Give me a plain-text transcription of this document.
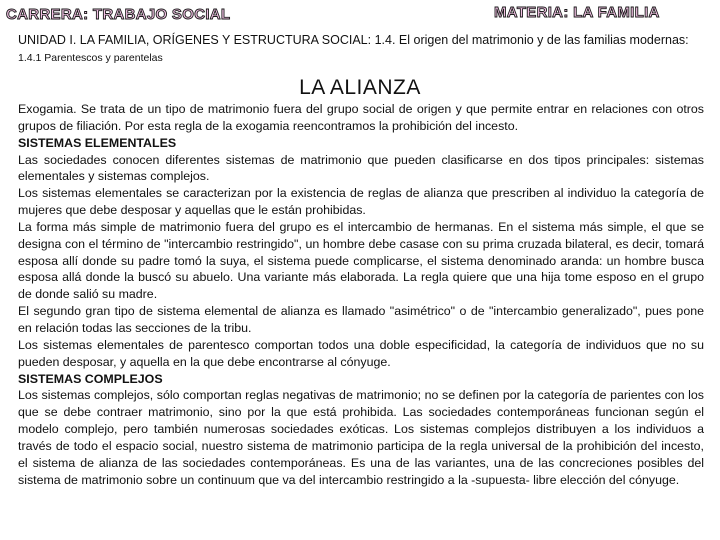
CARRERA: TRABAJO SOCIAL	MATERIA: LA FAMILIA
UNIDAD I. LA FAMILIA, ORÍGENES Y ESTRUCTURA SOCIAL: 1.4. El origen del matrimonio y de las familias modernas: 1.4.1 Parentescos y parentelas
LA ALIANZA

Exogamia. Se trata de un tipo de matrimonio fuera del grupo social de origen y que permite entrar en relaciones con otros grupos de filiación. Por esta regla de la exogamia reencontramos la prohibición del incesto.

SISTEMAS ELEMENTALES

Las sociedades conocen diferentes sistemas de matrimonio que pueden clasificarse en dos tipos principales: sistemas elementales y sistemas complejos.

Los sistemas elementales se caracterizan por la existencia de reglas de alianza que prescriben al individuo la categoría de mujeres que debe desposar y aquellas que le están prohibidas.

La forma más simple de matrimonio fuera del grupo es el intercambio de hermanas. En el sistema más simple, el que se designa con el término de "intercambio restringido", un hombre debe casase con su prima cruzada bilateral, es decir, tomará esposa allí donde su padre tomó la suya, el sistema puede complicarse, el sistema denominado aranda: un hombre busca esposa allá donde la buscó su abuelo. Una variante más elaborada. La regla quiere que una hija tome esposo en el grupo de donde salió su madre.

El segundo gran tipo de sistema elemental de alianza es llamado "asimétrico" o de "intercambio generalizado", pues pone en relación todas las secciones de la tribu.

Los sistemas elementales de parentesco comportan todos una doble especificidad, la categoría de individuos que no su pueden desposar, y aquella en la que debe encontrarse al cónyuge.

SISTEMAS COMPLEJOS

Los sistemas complejos, sólo comportan reglas negativas de matrimonio; no se definen por la categoría de parientes con los que se debe contraer matrimonio, sino por la que está prohibida. Las sociedades contemporáneas funcionan según el modelo complejo, pero también numerosas sociedades exóticas. Los sistemas complejos distribuyen a los individuos a través de todo el espacio social, nuestro sistema de matrimonio participa de la regla universal de la prohibición del incesto, el sistema de alianza de las sociedades contemporáneas. Es una de las variantes, una de las concreciones posibles del sistema de matrimonio sobre un continuum que va del intercambio restringido a la -supuesta- libre elección del cónyuge.
